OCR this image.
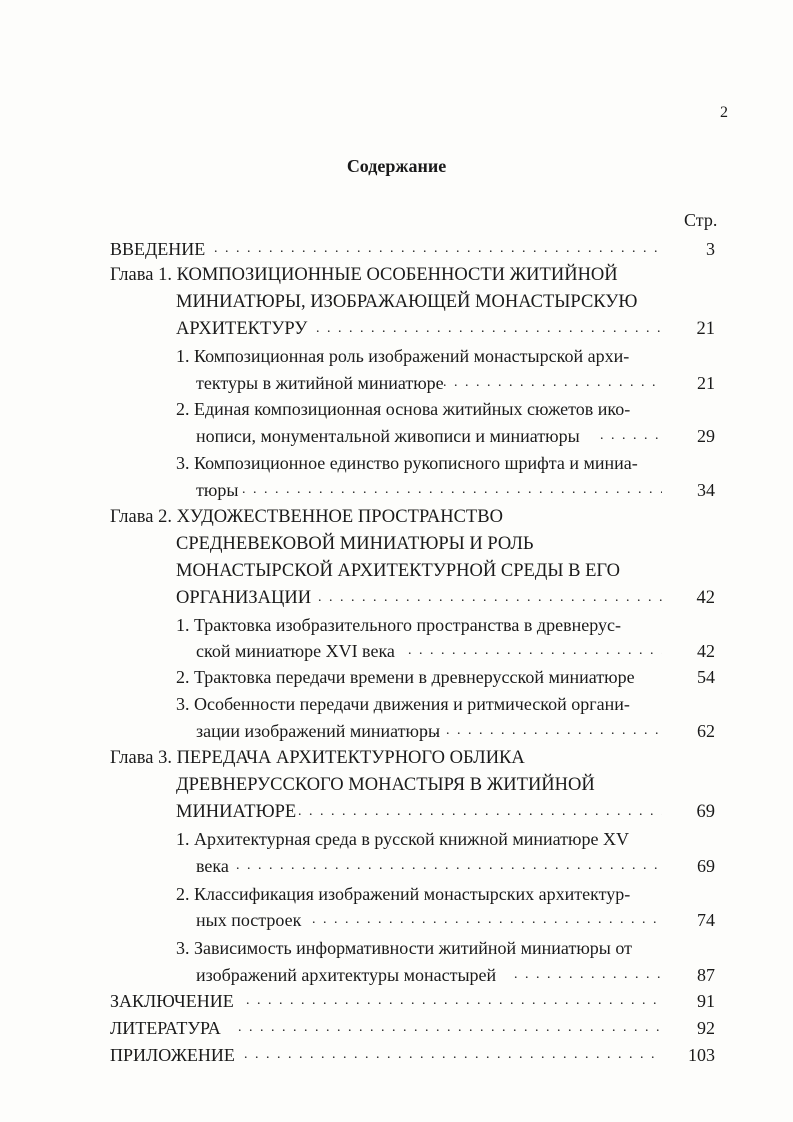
2
Содержание
Стр.
ВВЕДЕНИЕ . . .	3
Глава 1. КОМПОЗИЦИОННЫЕ ОСОБЕННОСТИ ЖИТИЙНОЙ
МИНИАТЮРЫ, ИЗОБРАЖАЮЩЕЙ МОНАСТЫРСКУЮ
АРХИТЕКТУРУ . . .	21
1. Композиционная роль изображений монастырской архи-
тектуры в житийной миниатюре . . .	21
2. Единая композиционная основа житийных сюжетов ико-
нописи, монументальной живописи и миниатюры . . .	29
3. Композиционное единство рукописного шрифта и миниа-
тюры . . .	34
Глава 2. ХУДОЖЕСТВЕННОЕ ПРОСТРАНСТВО
СРЕДНЕВЕКОВОЙ МИНИАТЮРЫ И РОЛЬ
МОНАСТЫРСКОЙ АРХИТЕКТУРНОЙ СРЕДЫ В ЕГО
ОРГАНИЗАЦИИ . . .	42
1. Трактовка изобразительного пространства в древнерус-
ской миниатюре XVI века . . .	42
2. Трактовка передачи времени в древнерусской миниатюре	54
3. Особенности передачи движения и ритмической органи-
зации изображений миниатюры . . .	62
Глава 3. ПЕРЕДАЧА АРХИТЕКТУРНОГО ОБЛИКА
ДРЕВНЕРУССКОГО МОНАСТЫРЯ В ЖИТИЙНОЙ
МИНИАТЮРЕ . . .	69
1. Архитектурная среда в русской книжной миниатюре XV
века . . .	69
2. Классификация изображений монастырских архитектур-
ных построек . . .	74
3. Зависимость информативности житийной миниатюры от
изображений архитектуры монастырей . . .	87
ЗАКЛЮЧЕНИЕ . . .	91
ЛИТЕРАТУРА . . .	92
ПРИЛОЖЕНИЕ . . .	103
